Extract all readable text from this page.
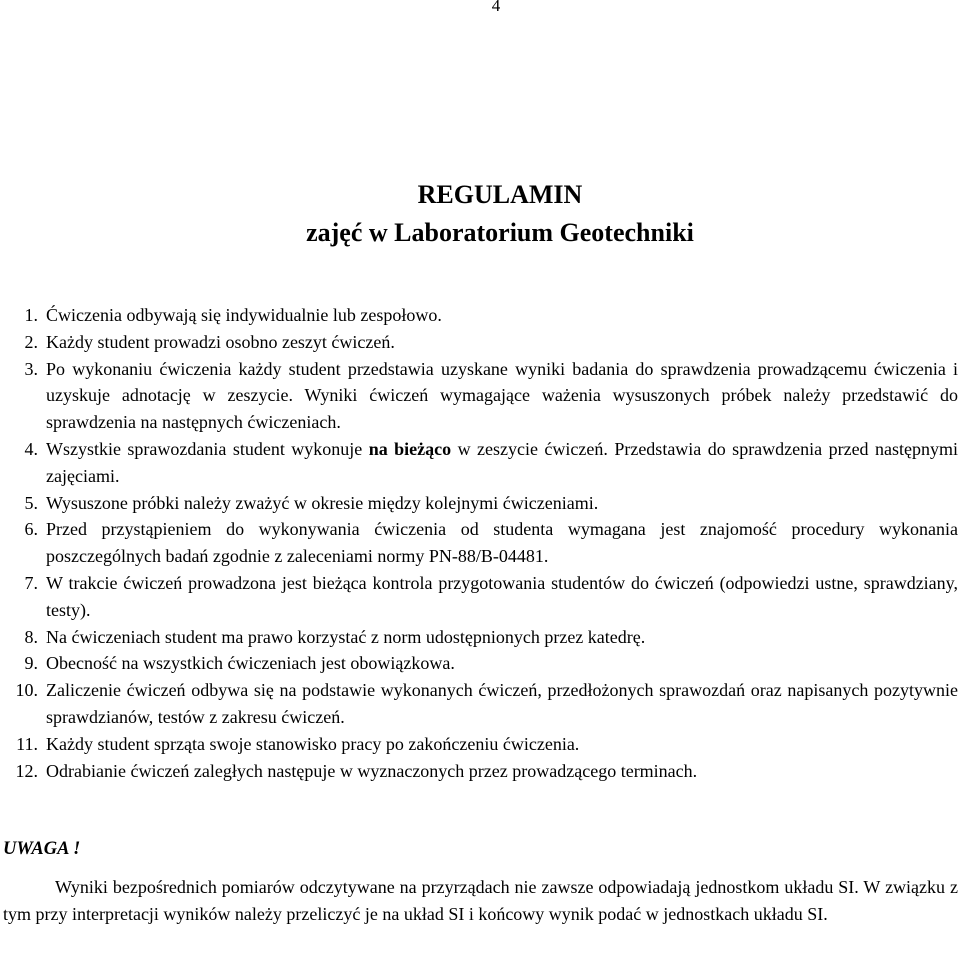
4
REGULAMIN
zajęć w Laboratorium Geotechniki
1. Ćwiczenia odbywają się indywidualnie lub zespołowo.
2. Każdy student prowadzi osobno zeszyt ćwiczeń.
3. Po wykonaniu ćwiczenia każdy student przedstawia uzyskane wyniki badania do sprawdzenia prowadzącemu ćwiczenia i uzyskuje adnotację w zeszycie. Wyniki ćwiczeń wymagające ważenia wysuszonych próbek należy przedstawić do sprawdzenia na następnych ćwiczeniach.
4. Wszystkie sprawozdania student wykonuje na bieżąco w zeszycie ćwiczeń. Przedstawia do sprawdzenia przed następnymi zajęciami.
5. Wysuszone próbki należy zważyć w okresie między kolejnymi ćwiczeniami.
6. Przed przystąpieniem do wykonywania ćwiczenia od studenta wymagana jest znajomość procedury wykonania poszczególnych badań zgodnie z zaleceniami normy PN-88/B-04481.
7. W trakcie ćwiczeń prowadzona jest bieżąca kontrola przygotowania studentów do ćwiczeń (odpowiedzi ustne, sprawdziany, testy).
8. Na ćwiczeniach student ma prawo korzystać z norm udostępnionych przez katedrę.
9. Obecność na wszystkich ćwiczeniach jest obowiązkowa.
10. Zaliczenie ćwiczeń odbywa się na podstawie wykonanych ćwiczeń, przedłożonych sprawozdań oraz napisanych pozytywnie sprawdzianów, testów z zakresu ćwiczeń.
11. Każdy student sprząta swoje stanowisko pracy po zakończeniu ćwiczenia.
12. Odrabianie ćwiczeń zaległych następuje w wyznaczonych przez prowadzącego terminach.
UWAGA !

Wyniki bezpośrednich pomiarów odczytywane na przyrządach nie zawsze odpowiadają jednostkom układu SI. W związku z tym przy interpretacji wyników należy przeliczyć je na układ SI i końcowy wynik podać w jednostkach układu SI.
